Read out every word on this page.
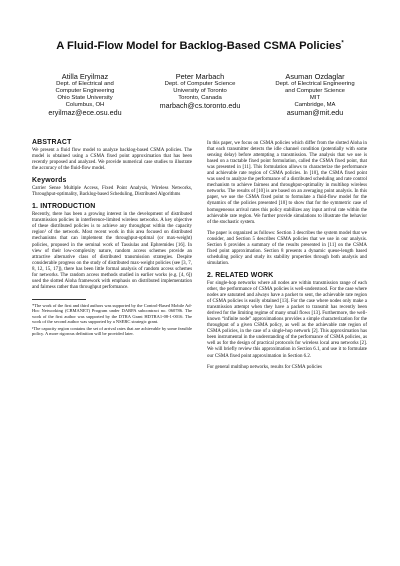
A Fluid-Flow Model for Backlog-Based CSMA Policies*
Atilla Eryilmaz
Dept. of Electrical and
Computer Engineering
Ohio State University
Columbus, OH
eryilmaz@ece.osu.edu
Peter Marbach
Dept. of Computer Science
University of Toronto
Toronto, Canada
marbach@cs.toronto.edu
Asuman Ozdaglar
Dept. of Electrical Engineering
and Computer Science
MIT
Cambridge, MA
asuman@mit.edu
ABSTRACT

We present a fluid flow model to analyze backlog-based CSMA policies. The model is obtained using a CSMA fixed point approximation that has been recently proposed and analyzed. We provide numerical case studies to illustrate the accuracy of the fluid-flow model.

Keywords

Carrier Sense Multiple Access, Fixed Point Analysis, Wireless Networks, Throughput-optimality, Backlog-based Scheduling, Distributed Algorithms

1. INTRODUCTION

Recently, there has been a growing interest in the development of distributed transmission policies in interference-limited wireless networks. A key objective of these distributed policies is to achieve any throughput within the capacity region¹ of the network. Most recent work in this area focused on distributed mechanisms that can implement the throughput-optimal (or max-weight) policies, proposed in the seminal work of Tassiulas and Ephremides [16]. In view of their low-complexity nature, random access schemes provide an attractive alternative class of distributed transmission strategies. Despite considerable progress on the study of distributed max-weight policies (see [3, 7, 8, 12, 15, 17]), there has been little formal analysis of random access schemes for networks. The random access methods studied in earlier works (e.g. [4, 6]) used the slotted Aloha framework with emphasis on distributed implementation and fairness rather than throughput performance.

*The work of the first and third authors was supported by the Control-Based Mobile Ad-Hoc Networking (CBMANET) Program under DARPA subcontract no. 060786. The work of the first author was supported by the DTRA Grant HDTRA1-08-1-0016. The work of the second author was supported by a NSERC strategic grant.

¹The capacity region contains the set of arrival rates that are achievable by some feasible policy. A more rigorous definition will be provided later.

In this paper, we focus on CSMA policies which differ from the slotted Aloha in that each transmitter detects the idle channel condition (potentially with some sensing delay) before attempting a transmission. The analysis that we use is based on a tractable fixed point formulation, called the CSMA fixed point, that was presented in [11]. This formulation allows to characterize the performance and achievable rate region of CSMA policies. In [10], the CSMA fixed point was used to analyze the performance of a distributed scheduling and rate control mechanism to achieve fairness and throughput-optimality in multihop wireless networks. The results of [10] is are based on an averaging point analysis. In this paper, we use the CSMA fixed point to formulate a fluid-flow model for the dynamics of the policies presented [10] to show that for the symmetric case of homogeneous arrival rates this policy stabilizes any input arrival rate within the achievable rate region. We further provide simulations to illustrate the behavior of the stochastic system.

The paper is organized as follows: Section 3 describes the system model that we consider, and Section 5 describes CSMA policies that we use in our analysis. Section 6 provides a summary of the results presented in [11] on the CSMA fixed point approximation. Section 8 presents a dynamic queue-length based scheduling policy and study its stability properties through both analysis and simulation.

2. RELATED WORK

For single-hop networks where all nodes are within transmission range of each other, the performance of CSMA policies is well-understood. For the case where nodes are saturated and always have a packet to sent, the achievable rate region of CSMA policies is easily obtained [13]. For the case where nodes only make a transmission attempt when they have a packet to transmit has recently been derived for the limiting regime of many small flows [13]. Furthermore, the well-known “infinite node” approximations provides a simple characterization for the throughput of a given CSMA policy, as well as the achievable rate region of CSMA policies, in the case of a single-hop network [2]. This approximation has been instrumental in the understanding of the performance of CSMA policies, as well as for the design of practical protocols for wireless local area networks [2]. We will briefly review this approximation in Section 6.1, and use it to formulate our CSMA fixed point approximation in Section 6.2.

For general multihop networks, results for CSMA policies
